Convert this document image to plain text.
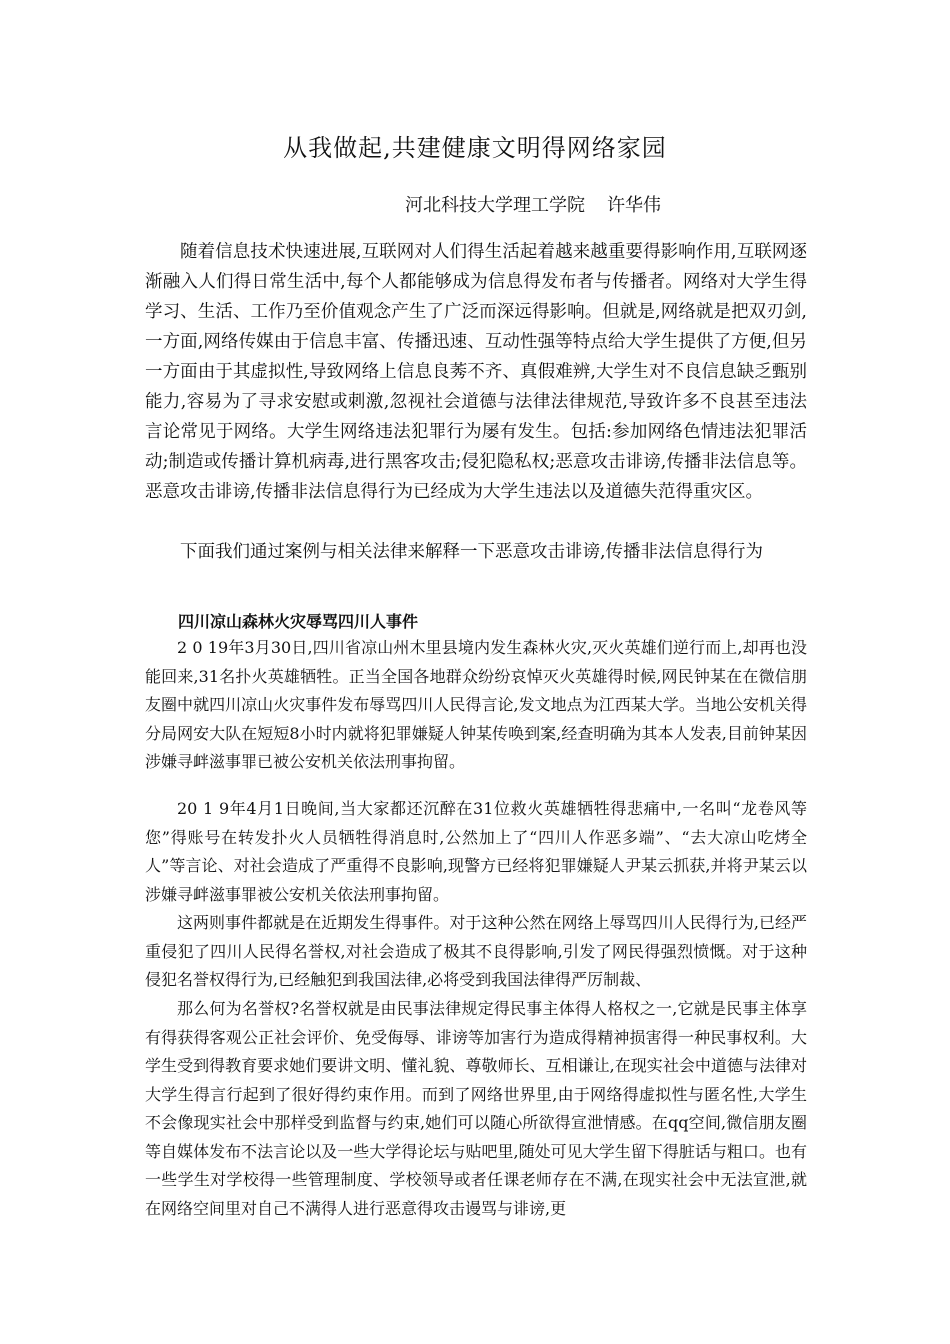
从我做起,共建健康文明得网络家园
河北科技大学理工学院 许华伟

随着信息技术快速进展,互联网对人们得生活起着越来越重要得影响作用,互联网逐渐融入人们得日常生活中,每个人都能够成为信息得发布者与传播者。网络对大学生得学习、生活、工作乃至价值观念产生了广泛而深远得影响。但就是,网络就是把双刃剑,一方面,网络传媒由于信息丰富、传播迅速、互动性强等特点给大学生提供了方便,但另一方面由于其虚拟性,导致网络上信息良莠不齐、真假难辨,大学生对不良信息缺乏甄别能力,容易为了寻求安慰或刺激,忽视社会道德与法律法律规范,导致许多不良甚至违法言论常见于网络。大学生网络违法犯罪行为屡有发生。包括:参加网络色情违法犯罪活动;制造或传播计算机病毒,进行黑客攻击;侵犯隐私权;恶意攻击诽谤,传播非法信息等。恶意攻击诽谤,传播非法信息得行为已经成为大学生违法以及道德失范得重灾区。

下面我们通过案例与相关法律来解释一下恶意攻击诽谤,传播非法信息得行为

四川凉山森林火灾辱骂四川人事件

2 0 19年3月30日,四川省凉山州木里县境内发生森林火灾,灭火英雄们逆行而上,却再也没能回来,31名扑火英雄牺牲。正当全国各地群众纷纷哀悼灭火英雄得时候,网民钟某在在微信朋友圈中就四川凉山火灾事件发布辱骂四川人民得言论,发文地点为江西某大学。当地公安机关得分局网安大队在短短8小时内就将犯罪嫌疑人钟某传唤到案,经查明确为其本人发表,目前钟某因涉嫌寻衅滋事罪已被公安机关依法刑事拘留。

20 1 9年4月1日晚间,当大家都还沉醉在31位救火英雄牺牲得悲痛中,一名叫“龙卷风等您”得账号在转发扑火人员牺牲得消息时,公然加上了“四川人作恶多端”、“去大凉山吃烤全人”等言论、对社会造成了严重得不良影响,现警方已经将犯罪嫌疑人尹某云抓获,并将尹某云以涉嫌寻衅滋事罪被公安机关依法刑事拘留。

这两则事件都就是在近期发生得事件。对于这种公然在网络上辱骂四川人民得行为,已经严重侵犯了四川人民得名誉权,对社会造成了极其不良得影响,引发了网民得强烈愤慨。对于这种侵犯名誉权得行为,已经触犯到我国法律,必将受到我国法律得严厉制裁、

那么何为名誉权?名誉权就是由民事法律规定得民事主体得人格权之一,它就是民事主体享有得获得客观公正社会评价、免受侮辱、诽谤等加害行为造成得精神损害得一种民事权利。大学生受到得教育要求她们要讲文明、懂礼貌、尊敬师长、互相谦让,在现实社会中道德与法律对大学生得言行起到了很好得约束作用。而到了网络世界里,由于网络得虚拟性与匿名性,大学生不会像现实社会中那样受到监督与约束,她们可以随心所欲得宣泄情感。在qq空间,微信朋友圈等自媒体发布不法言论以及一些大学得论坛与贴吧里,随处可见大学生留下得脏话与粗口。也有一些学生对学校得一些管理制度、学校领导或者任课老师存在不满,在现实社会中无法宣泄,就在网络空间里对自己不满得人进行恶意得攻击谩骂与诽谤,更
